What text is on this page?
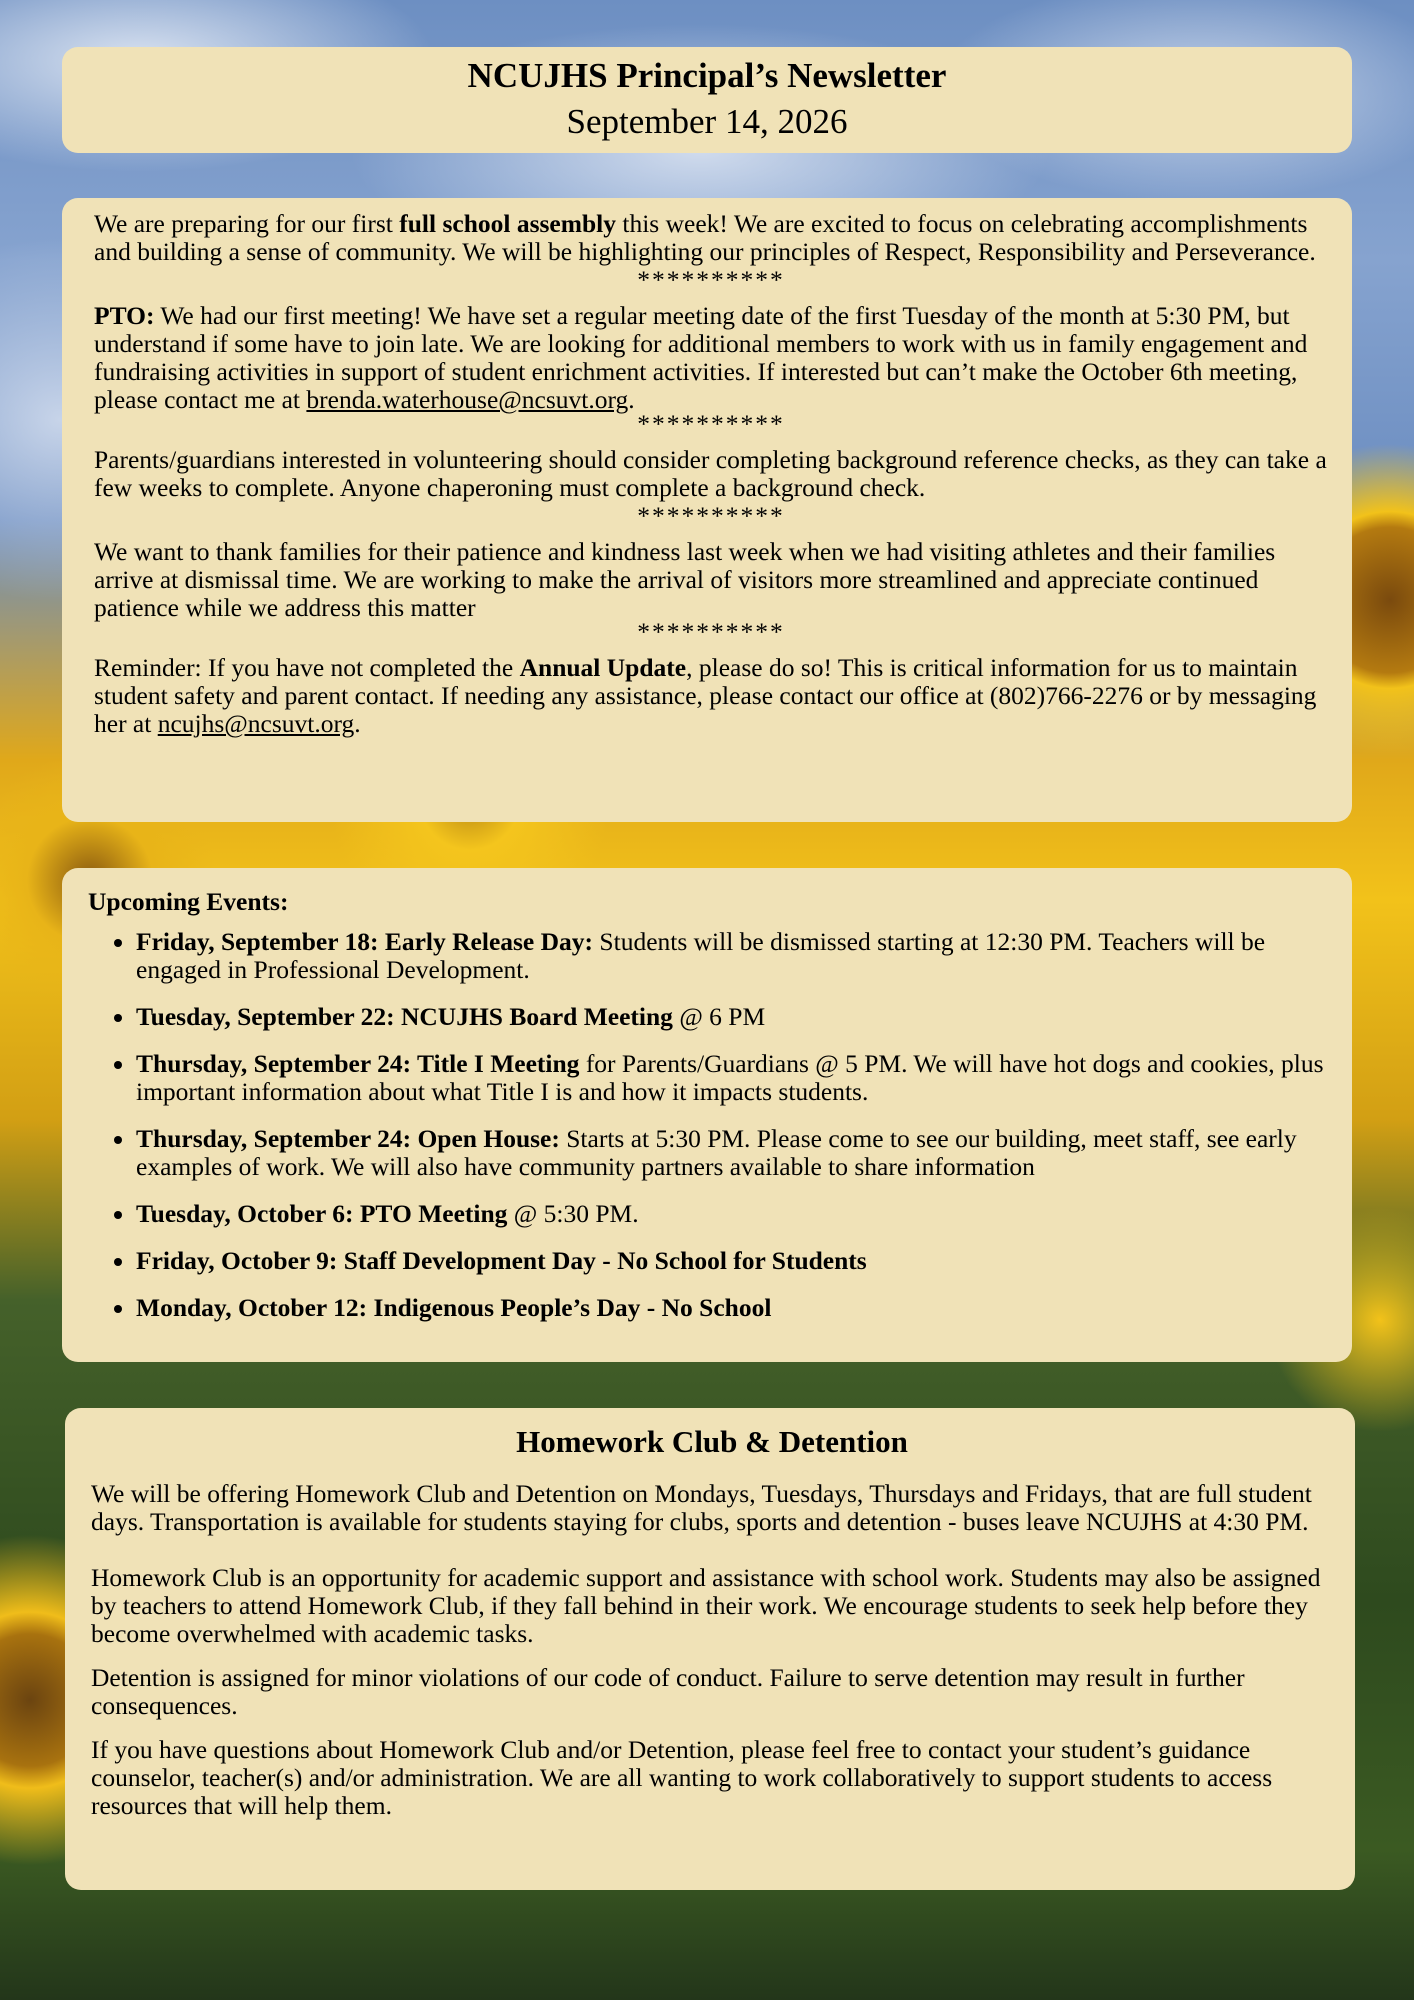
NCUJHS Principal’s Newsletter
September 14, 2026

We are preparing for our first full school assembly this week! We are excited to focus on celebrating accomplishments and building a sense of community. We will be highlighting our principles of Respect, Responsibility and Perseverance.

**********

PTO: We had our first meeting! We have set a regular meeting date of the first Tuesday of the month at 5:30 PM, but understand if some have to join late. We are looking for additional members to work with us in family engagement and fundraising activities in support of student enrichment activities. If interested but can’t make the October 6th meeting, please contact me at brenda.waterhouse@ncsuvt.org.

**********

Parents/guardians interested in volunteering should consider completing background reference checks, as they can take a few weeks to complete. Anyone chaperoning must complete a background check.

**********

We want to thank families for their patience and kindness last week when we had visiting athletes and their families arrive at dismissal time. We are working to make the arrival of visitors more streamlined and appreciate continued patience while we address this matter

**********

Reminder: If you have not completed the Annual Update, please do so! This is critical information for us to maintain student safety and parent contact. If needing any assistance, please contact our office at (802)766-2276 or by messaging her at ncujhs@ncsuvt.org.

Upcoming Events:

• Friday, September 18: Early Release Day: Students will be dismissed starting at 12:30 PM. Teachers will be engaged in Professional Development.
• Tuesday, September 22: NCUJHS Board Meeting @ 6 PM
• Thursday, September 24: Title I Meeting for Parents/Guardians @ 5 PM. We will have hot dogs and cookies, plus important information about what Title I is and how it impacts students.
• Thursday, September 24: Open House: Starts at 5:30 PM. Please come to see our building, meet staff, see early examples of work. We will also have community partners available to share information
• Tuesday, October 6: PTO Meeting @ 5:30 PM.
• Friday, October 9: Staff Development Day - No School for Students
• Monday, October 12: Indigenous People’s Day - No School

Homework Club & Detention

We will be offering Homework Club and Detention on Mondays, Tuesdays, Thursdays and Fridays, that are full student days. Transportation is available for students staying for clubs, sports and detention - buses leave NCUJHS at 4:30 PM.

Homework Club is an opportunity for academic support and assistance with school work. Students may also be assigned by teachers to attend Homework Club, if they fall behind in their work. We encourage students to seek help before they become overwhelmed with academic tasks.

Detention is assigned for minor violations of our code of conduct. Failure to serve detention may result in further consequences.

If you have questions about Homework Club and/or Detention, please feel free to contact your student’s guidance counselor, teacher(s) and/or administration. We are all wanting to work collaboratively to support students to access resources that will help them.
